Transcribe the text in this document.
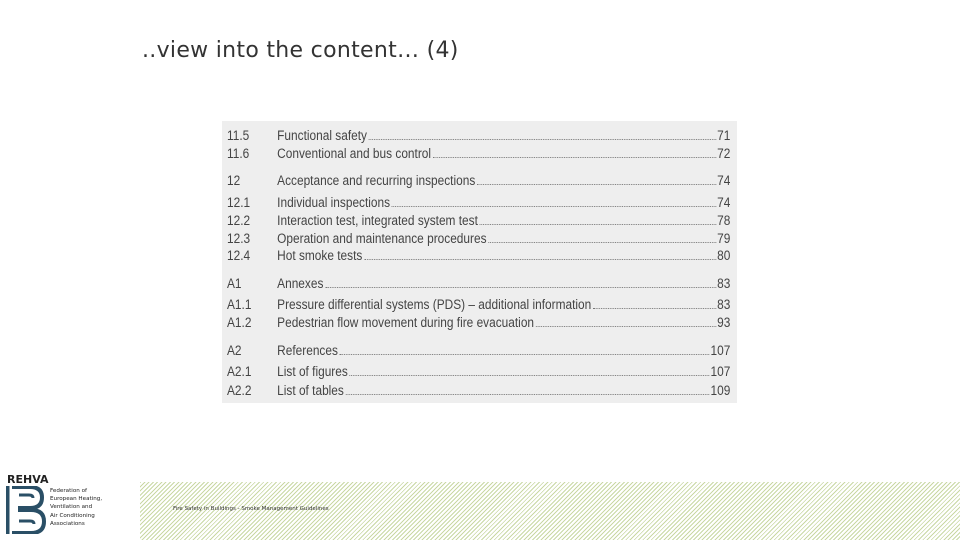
..view into the content… (4)
11.5	Functional safety	71
11.6	Conventional and bus control	72
12	Acceptance and recurring inspections	74
12.1	Individual inspections	74
12.2	Interaction test, integrated system test	78
12.3	Operation and maintenance procedures	79
12.4	Hot smoke tests	80
A1	Annexes	83
A1.1	Pressure differential systems (PDS) – additional information	83
A1.2	Pedestrian flow movement during fire evacuation	93
A2	References	107
A2.1	List of figures	107
A2.2	List of tables	109
Fire Safety in Buildings - Smoke Management Guidelines
REHVA
Federation of
European Heating,
Ventilation and
Air Conditioning
Associations
